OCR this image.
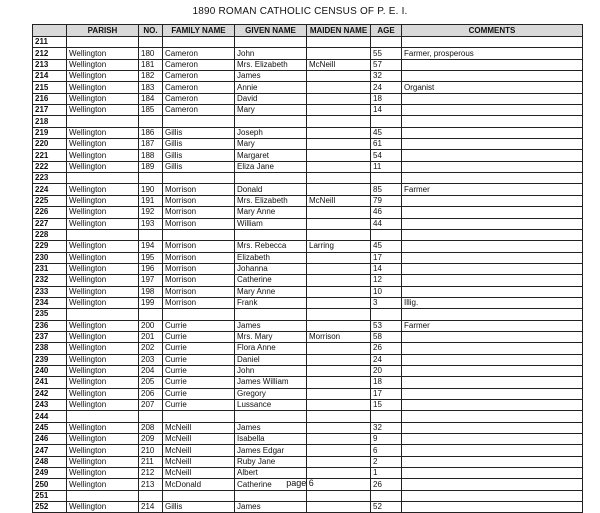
1890 ROMAN CATHOLIC CENSUS OF P. E. I.
	PARISH	NO.	FAMILY NAME	GIVEN NAME	MAIDEN NAME	AGE	COMMENTS
211							
212	Wellington	180	Cameron	John		55	Farmer, prosperous
213	Wellington	181	Cameron	Mrs. Elizabeth	McNeill	57	
214	Wellington	182	Cameron	James		32	
215	Wellington	183	Cameron	Annie		24	Organist
216	Wellington	184	Cameron	David		18	
217	Wellington	185	Cameron	Mary		14	
218							
219	Wellington	186	Gillis	Joseph		45	
220	Wellington	187	Gillis	Mary		61	
221	Wellington	188	Gillis	Margaret		54	
222	Wellington	189	Gillis	Eliza Jane		11	
223							
224	Wellington	190	Morrison	Donald		85	Farmer
225	Wellington	191	Morrison	Mrs. Elizabeth	McNeill	79	
226	Wellington	192	Morrison	Mary Anne		46	
227	Wellington	193	Morrison	William		44	
228							
229	Wellington	194	Morrison	Mrs. Rebecca	Larring	45	
230	Wellington	195	Morrison	Elizabeth		17	
231	Wellington	196	Morrison	Johanna		14	
232	Wellington	197	Morrison	Catherine		12	
233	Wellington	198	Morrison	Mary Anne		10	
234	Wellington	199	Morrison	Frank		3	Illig.
235							
236	Wellington	200	Currie	James		53	Farmer
237	Wellington	201	Currie	Mrs. Mary	Morrison	58	
238	Wellington	202	Currie	Flora Anne		26	
239	Wellington	203	Currie	Daniel		24	
240	Wellington	204	Currie	John		20	
241	Wellington	205	Currie	James William		18	
242	Wellington	206	Currie	Gregory		17	
243	Wellington	207	Currie	Lussance		15	
244							
245	Wellington	208	McNeill	James		32	
246	Wellington	209	McNeill	Isabella		9	
247	Wellington	210	McNeill	James Edgar		6	
248	Wellington	211	McNeill	Ruby Jane		2	
249	Wellington	212	McNeill	Albert		1	
250	Wellington	213	McDonald	Catherine		26	
251							
252	Wellington	214	Gillis	James		52	
page 6
